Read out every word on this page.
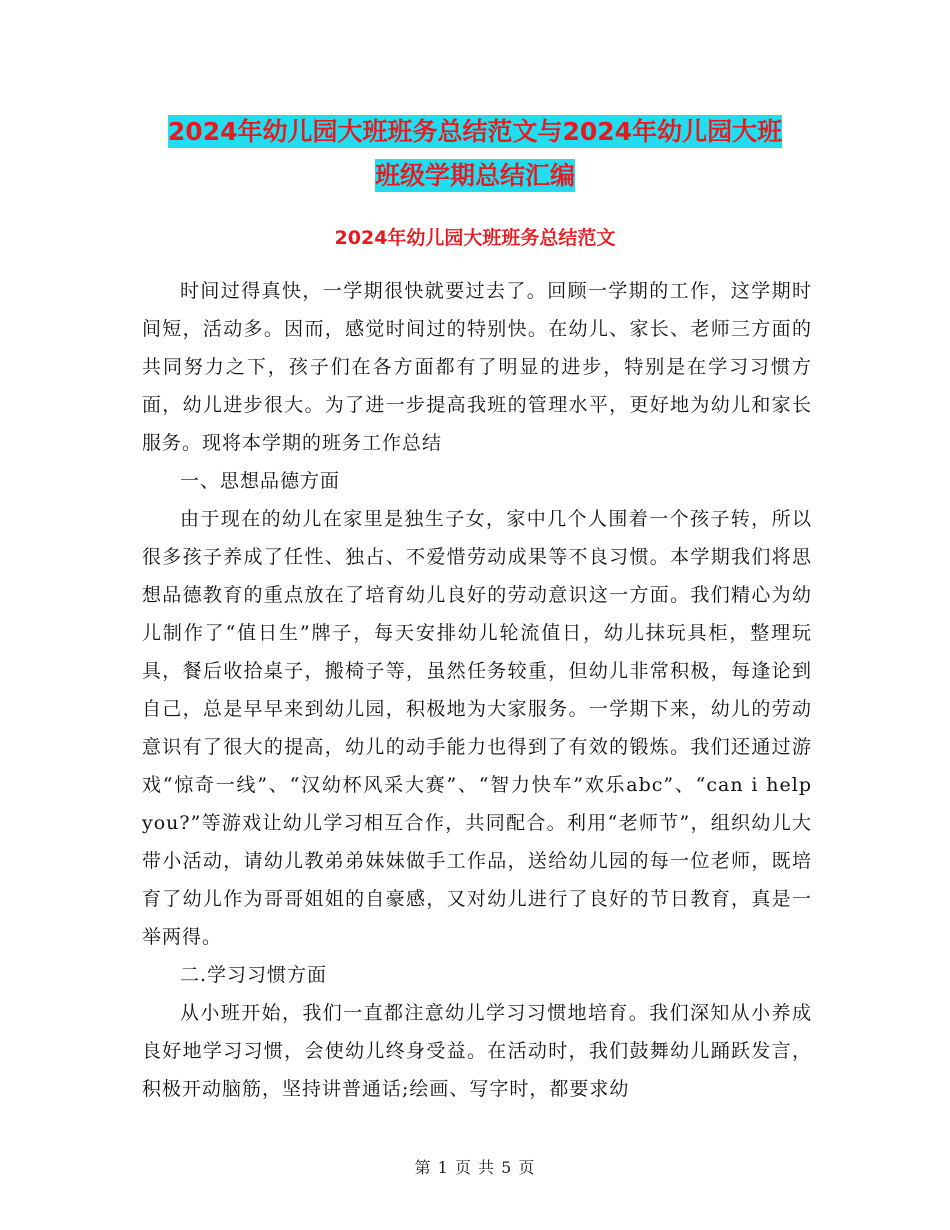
2024年幼儿园大班班务总结范文与2024年幼儿园大班
班级学期总结汇编
2024年幼儿园大班班务总结范文

时间过得真快，一学期很快就要过去了。回顾一学期的工作，这学期时间短，活动多。因而，感觉时间过的特别快。在幼儿、家长、老师三方面的共同努力之下，孩子们在各方面都有了明显的进步，特别是在学习习惯方面，幼儿进步很大。为了进一步提高我班的管理水平，更好地为幼儿和家长服务。现将本学期的班务工作总结

一、思想品德方面

由于现在的幼儿在家里是独生子女，家中几个人围着一个孩子转，所以很多孩子养成了任性、独占、不爱惜劳动成果等不良习惯。本学期我们将思想品德教育的重点放在了培育幼儿良好的劳动意识这一方面。我们精心为幼儿制作了“值日生”牌子，每天安排幼儿轮流值日，幼儿抹玩具柜，整理玩具，餐后收拾桌子，搬椅子等，虽然任务较重，但幼儿非常积极，每逢论到自己，总是早早来到幼儿园，积极地为大家服务。一学期下来，幼儿的劳动意识有了很大的提高，幼儿的动手能力也得到了有效的锻炼。我们还通过游戏“惊奇一线”、“汉幼杯风采大赛”、“智力快车”欢乐abc”、“can i help you?”等游戏让幼儿学习相互合作，共同配合。利用“老师节”，组织幼儿大带小活动，请幼儿教弟弟妹妹做手工作品，送给幼儿园的每一位老师，既培育了幼儿作为哥哥姐姐的自豪感，又对幼儿进行了良好的节日教育，真是一举两得。

二.学习习惯方面

从小班开始，我们一直都注意幼儿学习习惯地培育。我们深知从小养成良好地学习习惯，会使幼儿终身受益。在活动时，我们鼓舞幼儿踊跃发言，积极开动脑筋，坚持讲普通话;绘画、写字时，都要求幼

第 1 页 共 5 页
